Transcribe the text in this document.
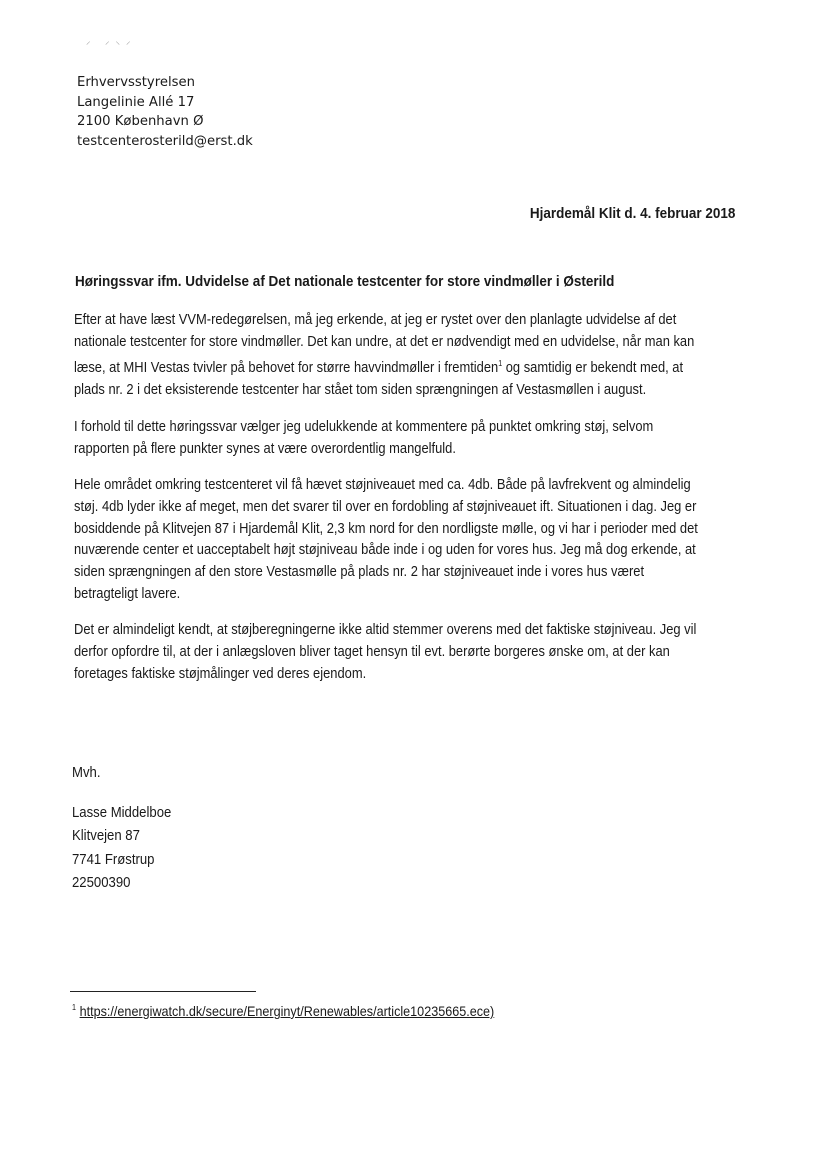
⸝ ⸝⸜⸝
Erhvervsstyrelsen
Langelinie Allé 17
2100 København Ø
testcenterosterild@erst.dk
Hjardemål Klit d. 4. februar 2018
Høringssvar ifm. Udvidelse af Det nationale testcenter for store vindmøller i Østerild

Efter at have læst VVM-redegørelsen, må jeg erkende, at jeg er rystet over den planlagte udvidelse af det
nationale testcenter for store vindmøller. Det kan undre, at det er nødvendigt med en udvidelse, når man kan
læse, at MHI Vestas tvivler på behovet for større havvindmøller i fremtiden$^1$ og samtidig er bekendt med, at
plads nr. 2 i det eksisterende testcenter har stået tom siden sprængningen af Vestasmøllen i august.

I forhold til dette høringssvar vælger jeg udelukkende at kommentere på punktet omkring støj, selvom
rapporten på flere punkter synes at være overordentlig mangelfuld.

Hele området omkring testcenteret vil få hævet støjniveauet med ca. 4db. Både på lavfrekvent og almindelig
støj. 4db lyder ikke af meget, men det svarer til over en fordobling af støjniveauet ift. Situationen i dag. Jeg er
bosiddende på Klitvejen 87 i Hjardemål Klit, 2,3 km nord for den nordligste mølle, og vi har i perioder med det
nuværende center et uacceptabelt højt støjniveau både inde i og uden for vores hus. Jeg må dog erkende, at
siden sprængningen af den store Vestasmølle på plads nr. 2 har støjniveauet inde i vores hus været
betragteligt lavere.

Det er almindeligt kendt, at støjberegningerne ikke altid stemmer overens med det faktiske støjniveau. Jeg vil
derfor opfordre til, at der i anlægsloven bliver taget hensyn til evt. berørte borgeres ønske om, at der kan
foretages faktiske støjmålinger ved deres ejendom.

Mvh.
Lasse Middelboe
Klitvejen 87
7741 Frøstrup
22500390
$^1$ https://energiwatch.dk/secure/Energinyt/Renewables/article10235665.ece)
